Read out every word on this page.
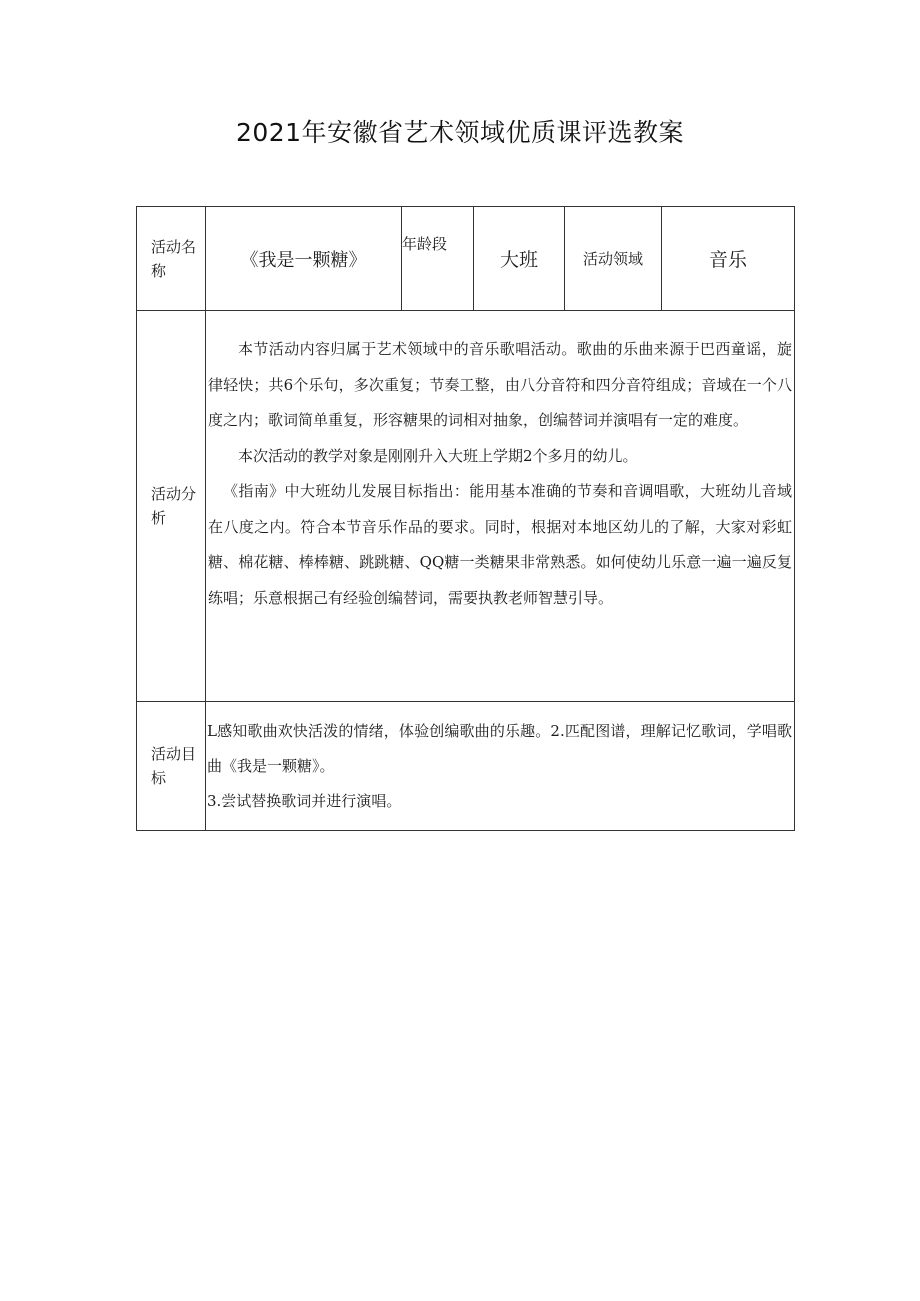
2021年安徽省艺术领域优质课评选教案
活动名称	《我是一颗糖》	年龄段	大班	活动领域	音乐
活动分析	本节活动内容归属于艺术领域中的音乐歌唱活动。歌曲的乐曲来源于巴西童谣，旋律轻快；共6个乐句，多次重复；节奏工整，由八分音符和四分音符组成；音域在一个八度之内；歌词简单重复，形容糖果的词相对抽象，创编替词并演唱有一定的难度。

本次活动的教学对象是刚刚升入大班上学期2个多月的幼儿。

《指南》中大班幼儿发展目标指出：能用基本准确的节奏和音调唱歌，大班幼儿音域在八度之内。符合本节音乐作品的要求。同时，根据对本地区幼儿的了解，大家对彩虹糖、棉花糖、棒棒糖、跳跳糖、QQ糖一类糖果非常熟悉。如何使幼儿乐意一遍一遍反复练唱；乐意根据己有经验创编替词，需要执教老师智慧引导。				

活动目标	L感知歌曲欢快活泼的情绪，体验创编歌曲的乐趣。2.匹配图谱，理解记忆歌词，学唱歌曲《我是一颗糖》。

3.尝试替换歌词并进行演唱。				
